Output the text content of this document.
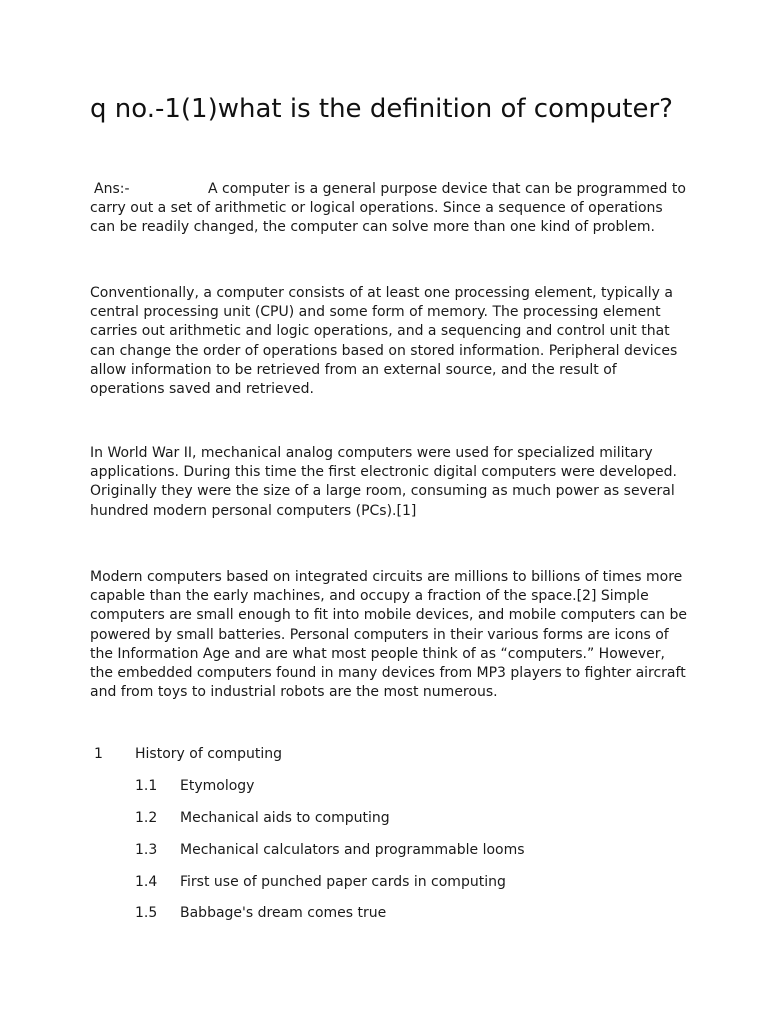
q no.-1(1)what is the definition of computer?

Ans:-	A computer is a general purpose device that can be programmed to carry out a set of arithmetic or logical operations. Since a sequence of operations can be readily changed, the computer can solve more than one kind of problem.

Conventionally, a computer consists of at least one processing element, typically a central processing unit (CPU) and some form of memory. The processing element carries out arithmetic and logic operations, and a sequencing and control unit that can change the order of operations based on stored information. Peripheral devices allow information to be retrieved from an external source, and the result of operations saved and retrieved.

In World War II, mechanical analog computers were used for specialized military applications. During this time the first electronic digital computers were developed. Originally they were the size of a large room, consuming as much power as several hundred modern personal computers (PCs).[1]

Modern computers based on integrated circuits are millions to billions of times more capable than the early machines, and occupy a fraction of the space.[2] Simple computers are small enough to fit into mobile devices, and mobile computers can be powered by small batteries. Personal computers in their various forms are icons of the Information Age and are what most people think of as “computers.” However, the embedded computers found in many devices from MP3 players to fighter aircraft and from toys to industrial robots are the most numerous.

1 History of computing
1.1 Etymology
1.2 Mechanical aids to computing
1.3 Mechanical calculators and programmable looms
1.4 First use of punched paper cards in computing
1.5 Babbage's dream comes true
